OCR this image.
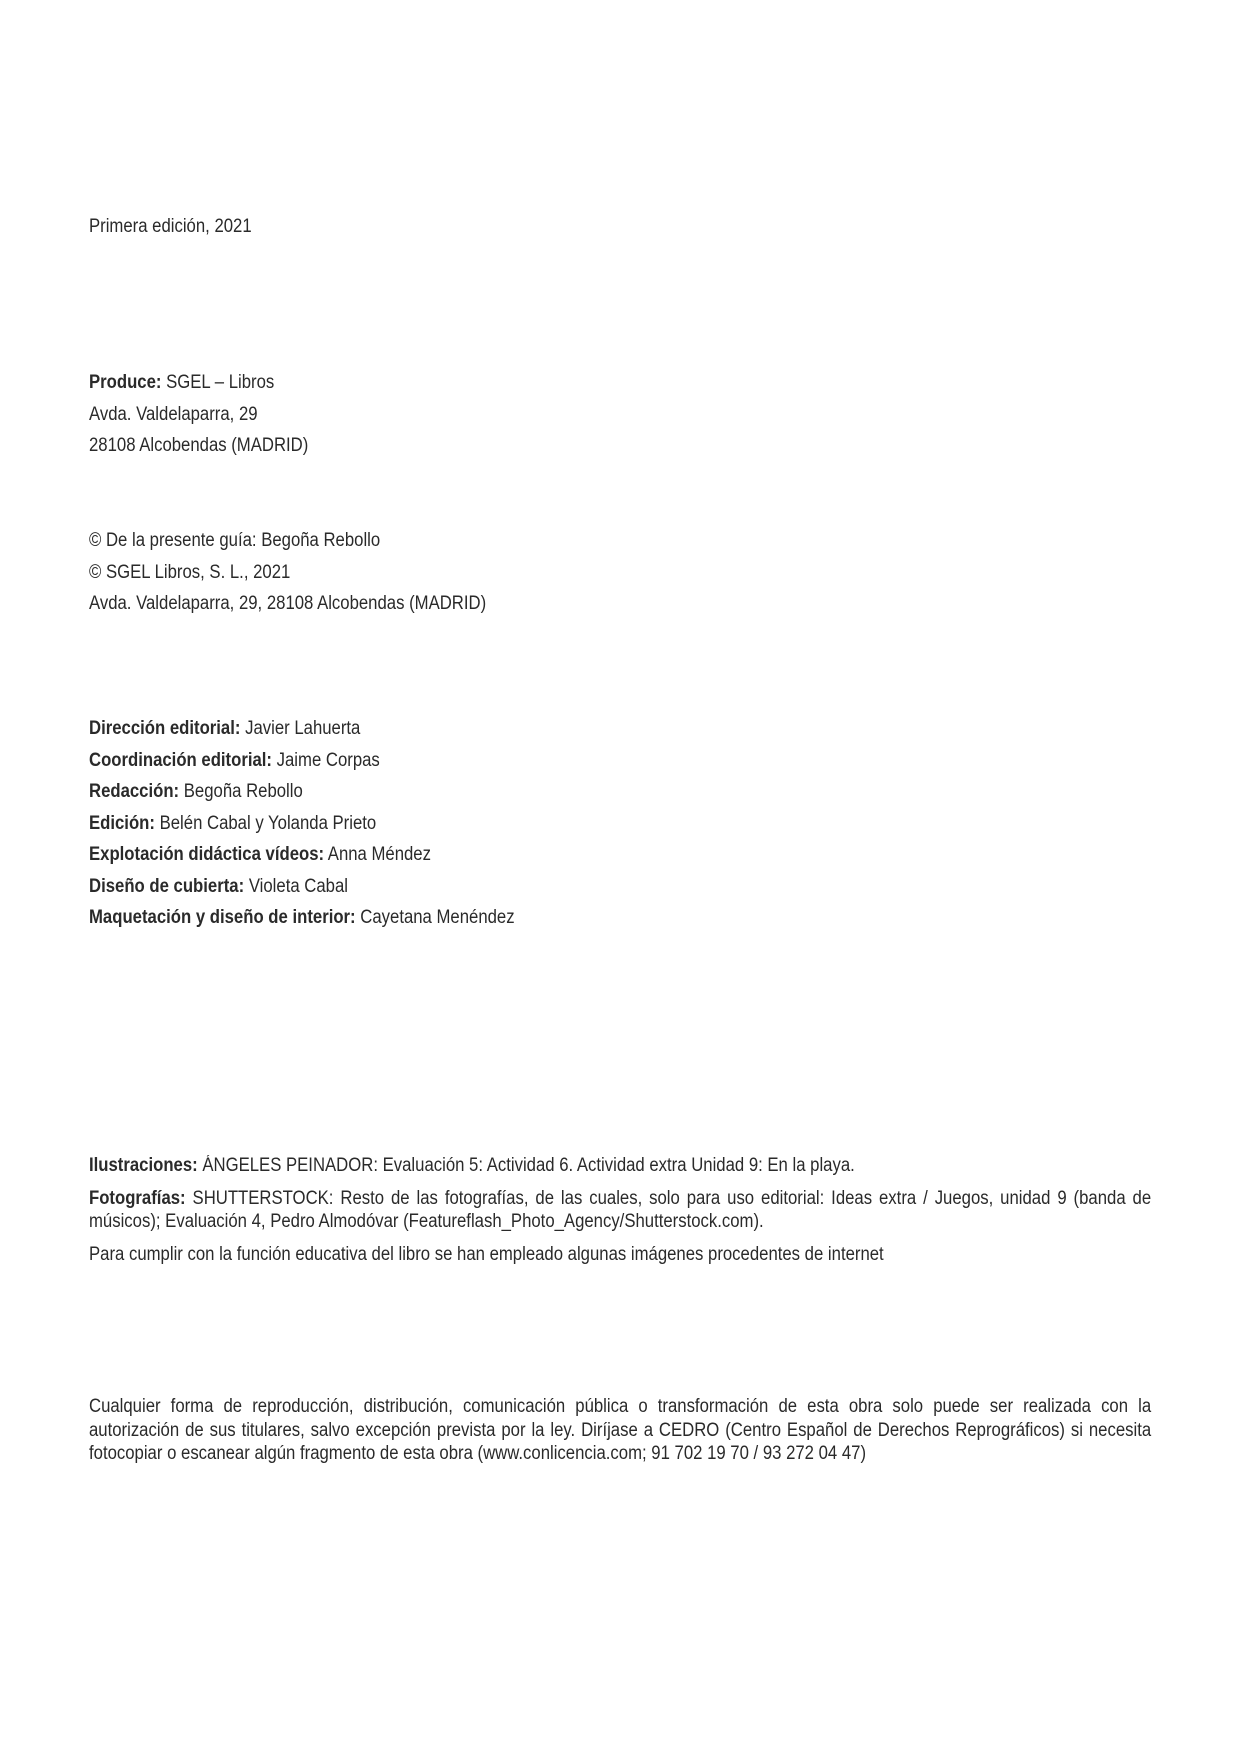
Primera edición, 2021
Produce: SGEL – Libros
Avda. Valdelaparra, 29
28108 Alcobendas (MADRID)
© De la presente guía: Begoña Rebollo
© SGEL Libros, S. L., 2021
Avda. Valdelaparra, 29, 28108 Alcobendas (MADRID)
Dirección editorial: Javier Lahuerta
Coordinación editorial: Jaime Corpas
Redacción: Begoña Rebollo
Edición: Belén Cabal y Yolanda Prieto
Explotación didáctica vídeos: Anna Méndez
Diseño de cubierta: Violeta Cabal
Maquetación y diseño de interior: Cayetana Menéndez
Ilustraciones: ÁNGELES PEINADOR: Evaluación 5: Actividad 6. Actividad extra Unidad 9: En la playa.
Fotografías: SHUTTERSTOCK: Resto de las fotografías, de las cuales, solo para uso editorial: Ideas extra / Juegos, unidad 9 (banda de músicos); Evaluación 4, Pedro Almodóvar (Featureflash_Photo_Agency/Shutterstock.com).
Para cumplir con la función educativa del libro se han empleado algunas imágenes procedentes de internet
Cualquier forma de reproducción, distribución, comunicación pública o transformación de esta obra solo puede ser realizada con la autorización de sus titulares, salvo excepción prevista por la ley. Diríjase a CEDRO (Centro Español de Derechos Reprográficos) si necesita fotocopiar o escanear algún fragmento de esta obra (www.conlicencia.com; 91 702 19 70 / 93 272 04 47)
